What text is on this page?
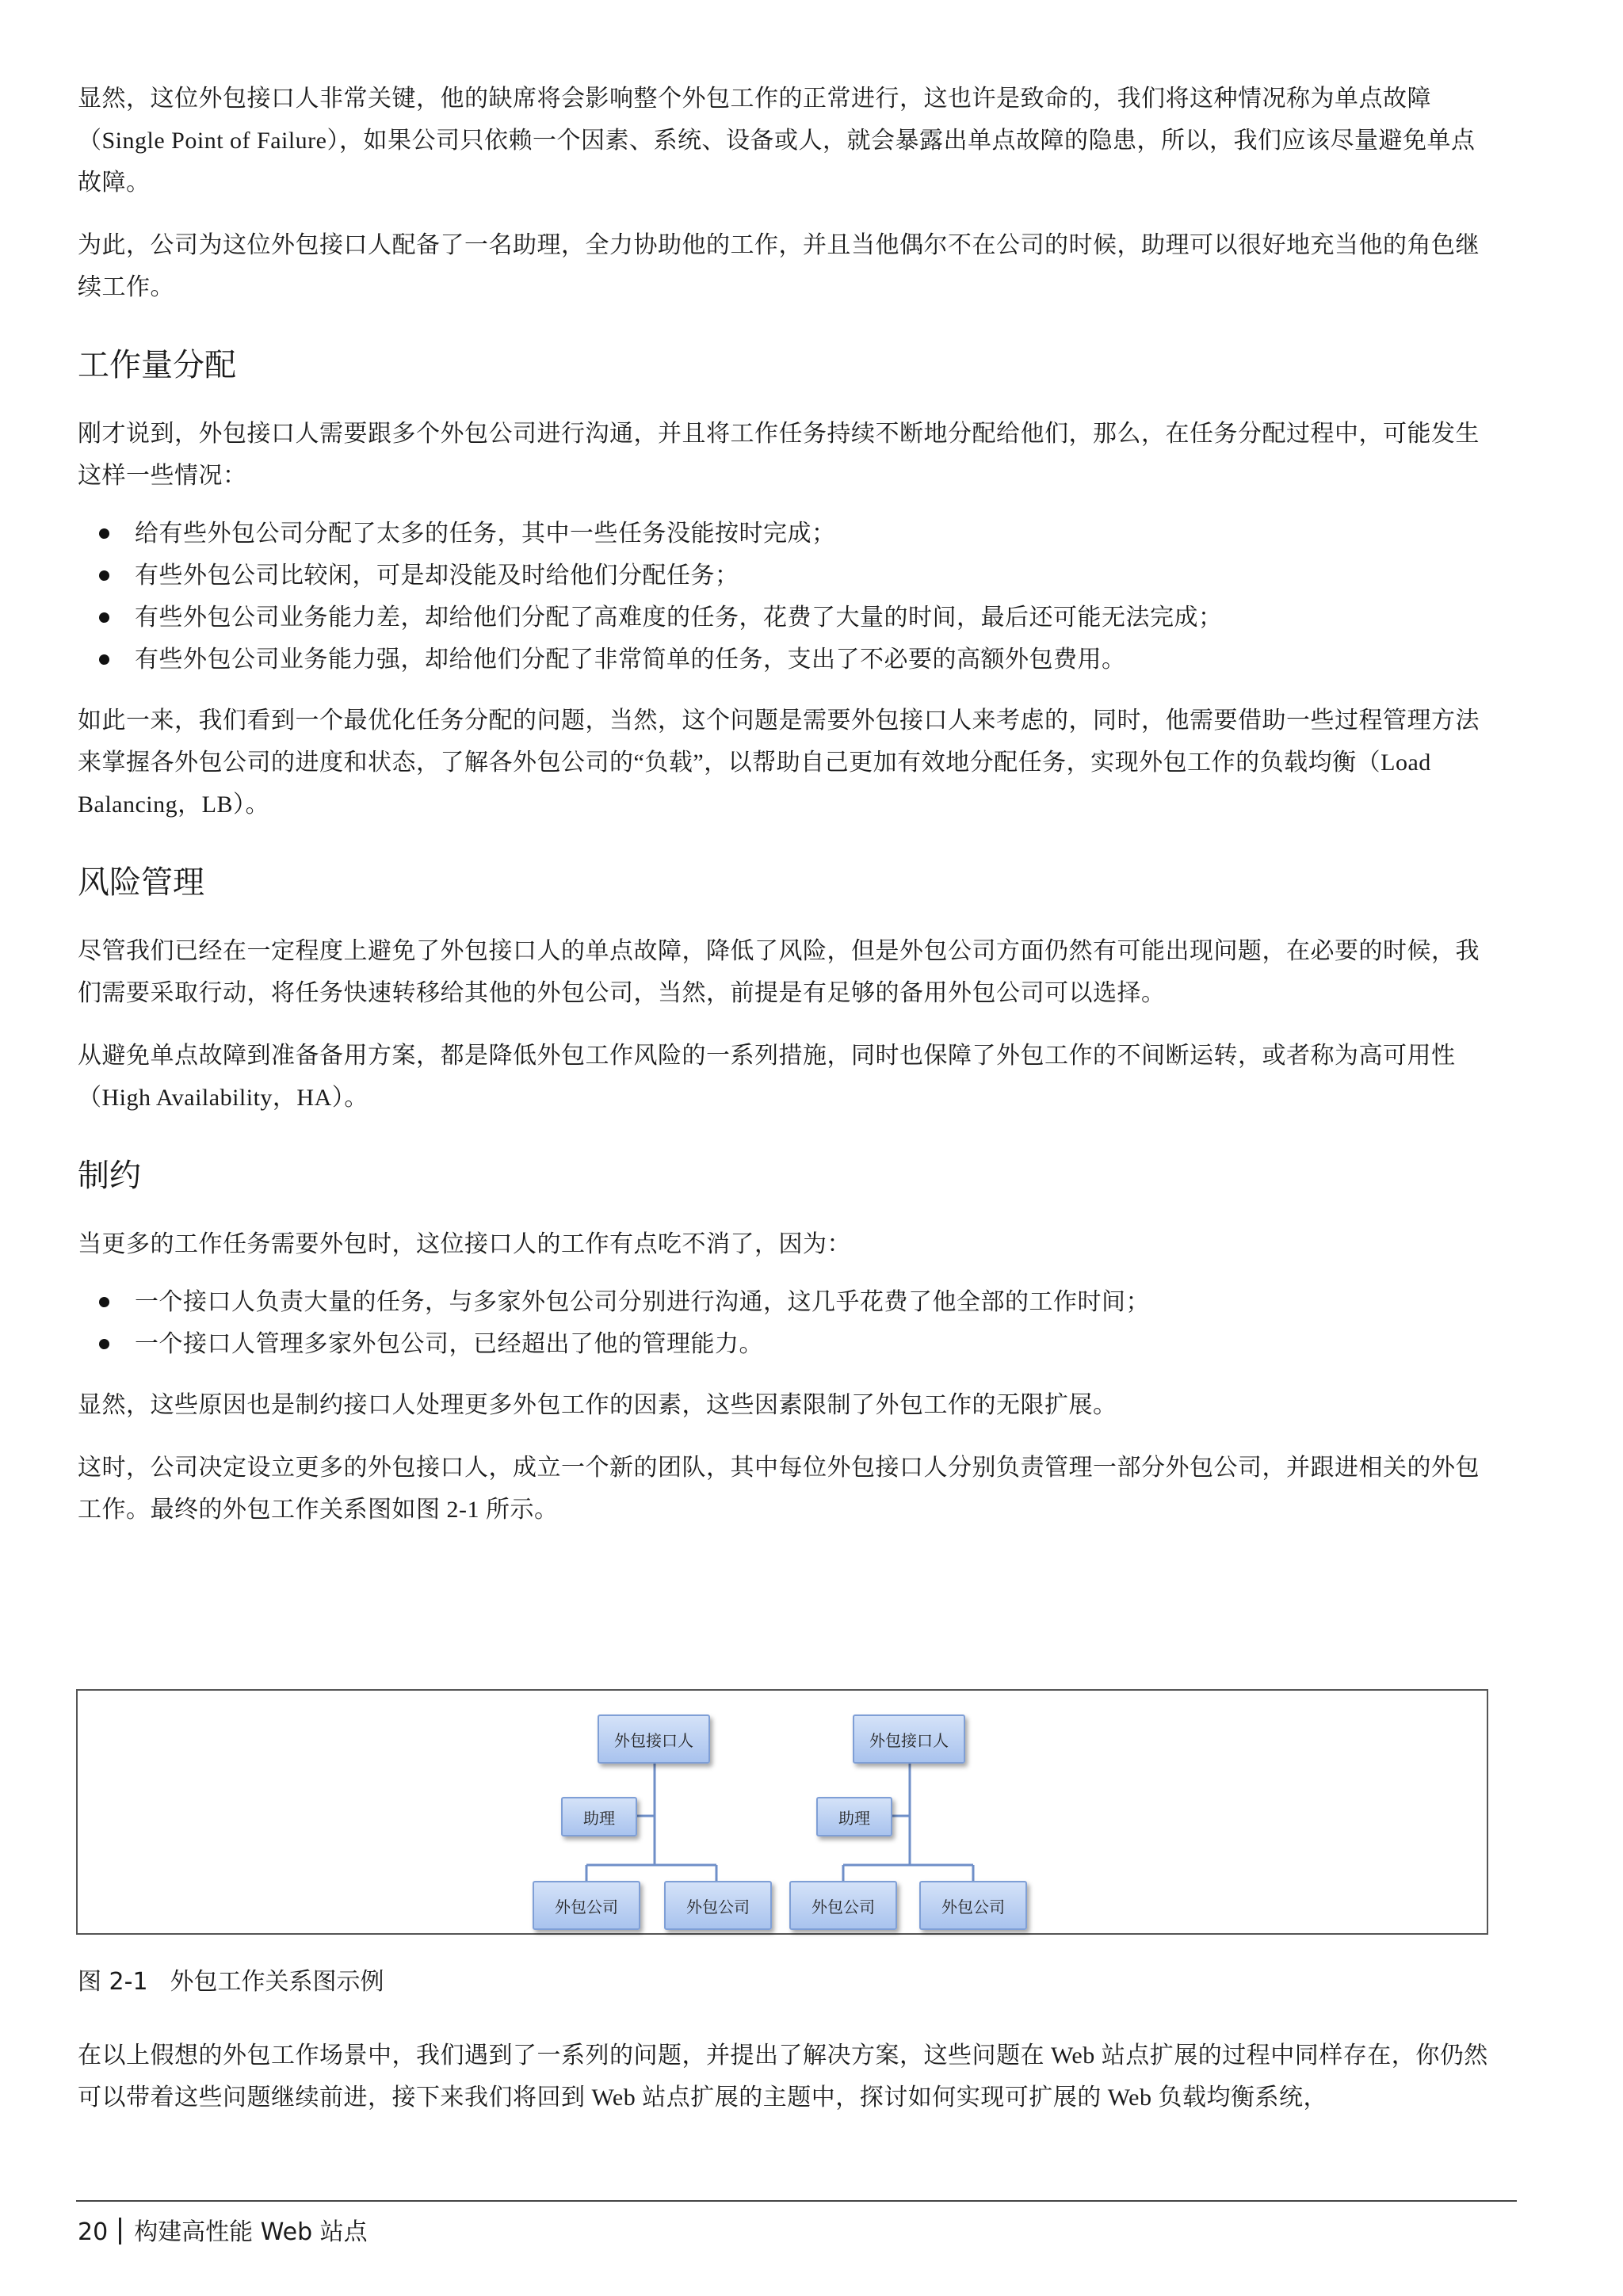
显然，这位外包接口人非常关键，他的缺席将会影响整个外包工作的正常进行，这也许是致命的，我们将这种情况称为单点故障（Single Point of Failure），如果公司只依赖一个因素、系统、设备或人，就会暴露出单点故障的隐患，所以，我们应该尽量避免单点故障。

为此，公司为这位外包接口人配备了一名助理，全力协助他的工作，并且当他偶尔不在公司的时候，助理可以很好地充当他的角色继续工作。

工作量分配

刚才说到，外包接口人需要跟多个外包公司进行沟通，并且将工作任务持续不断地分配给他们，那么，在任务分配过程中，可能发生这样一些情况：

给有些外包公司分配了太多的任务，其中一些任务没能按时完成；
有些外包公司比较闲，可是却没能及时给他们分配任务；
有些外包公司业务能力差，却给他们分配了高难度的任务，花费了大量的时间，最后还可能无法完成；
有些外包公司业务能力强，却给他们分配了非常简单的任务，支出了不必要的高额外包费用。

如此一来，我们看到一个最优化任务分配的问题，当然，这个问题是需要外包接口人来考虑的，同时，他需要借助一些过程管理方法来掌握各外包公司的进度和状态，了解各外包公司的“负载”，以帮助自己更加有效地分配任务，实现外包工作的负载均衡（Load Balancing，LB）。

风险管理

尽管我们已经在一定程度上避免了外包接口人的单点故障，降低了风险，但是外包公司方面仍然有可能出现问题，在必要的时候，我们需要采取行动，将任务快速转移给其他的外包公司，当然，前提是有足够的备用外包公司可以选择。

从避免单点故障到准备备用方案，都是降低外包工作风险的一系列措施，同时也保障了外包工作的不间断运转，或者称为高可用性（High Availability，HA）。

制约

当更多的工作任务需要外包时，这位接口人的工作有点吃不消了，因为：

一个接口人负责大量的任务，与多家外包公司分别进行沟通，这几乎花费了他全部的工作时间；
一个接口人管理多家外包公司，已经超出了他的管理能力。

显然，这些原因也是制约接口人处理更多外包工作的因素，这些因素限制了外包工作的无限扩展。

这时，公司决定设立更多的外包接口人，成立一个新的团队，其中每位外包接口人分别负责管理一部分外包公司，并跟进相关的外包工作。最终的外包工作关系图如图 2-1 所示。

外包接口人
助理
外包公司	外包公司
外包接口人
助理
外包公司	外包公司
图 2-1 外包工作关系图示例

在以上假想的外包工作场景中，我们遇到了一系列的问题，并提出了解决方案，这些问题在 Web 站点扩展的过程中同样存在，你仍然可以带着这些问题继续前进，接下来我们将回到 Web 站点扩展的主题中，探讨如何实现可扩展的 Web 负载均衡系统，

20 构建高性能 Web 站点
